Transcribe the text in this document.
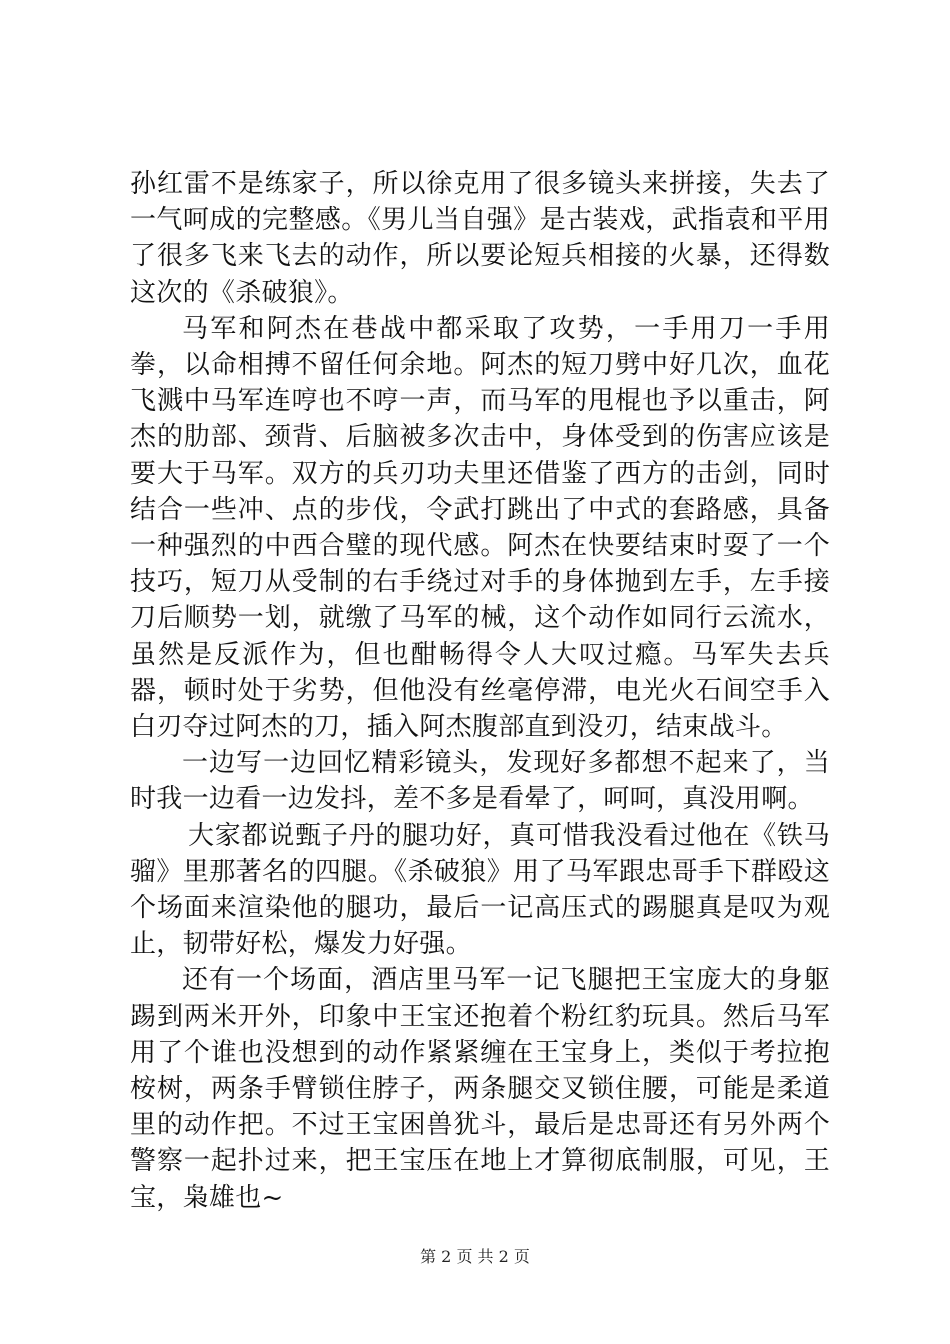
孙红雷不是练家子，所以徐克用了很多镜头来拼接，失去了一气呵成的完整感。《男儿当自强》是古装戏，武指袁和平用了很多飞来飞去的动作，所以要论短兵相接的火暴，还得数这次的《杀破狼》。

马军和阿杰在巷战中都采取了攻势，一手用刀一手用拳，以命相搏不留任何余地。阿杰的短刀劈中好几次，血花飞溅中马军连哼也不哼一声，而马军的甩棍也予以重击，阿杰的肋部、颈背、后脑被多次击中，身体受到的伤害应该是要大于马军。双方的兵刃功夫里还借鉴了西方的击剑，同时结合一些冲、点的步伐，令武打跳出了中式的套路感，具备一种强烈的中西合璧的现代感。阿杰在快要结束时耍了一个技巧，短刀从受制的右手绕过对手的身体抛到左手，左手接刀后顺势一划，就缴了马军的械，这个动作如同行云流水，虽然是反派作为，但也酣畅得令人大叹过瘾。马军失去兵器，顿时处于劣势，但他没有丝毫停滞，电光火石间空手入白刃夺过阿杰的刀，插入阿杰腹部直到没刃，结束战斗。

一边写一边回忆精彩镜头，发现好多都想不起来了，当时我一边看一边发抖，差不多是看晕了，呵呵，真没用啊。

大家都说甄子丹的腿功好，真可惜我没看过他在《铁马骝》里那著名的四腿。《杀破狼》用了马军跟忠哥手下群殴这个场面来渲染他的腿功，最后一记高压式的踢腿真是叹为观止，韧带好松，爆发力好强。

还有一个场面，酒店里马军一记飞腿把王宝庞大的身躯踢到两米开外，印象中王宝还抱着个粉红豹玩具。然后马军用了个谁也没想到的动作紧紧缠在王宝身上，类似于考拉抱桉树，两条手臂锁住脖子，两条腿交叉锁住腰，可能是柔道里的动作把。不过王宝困兽犹斗，最后是忠哥还有另外两个警察一起扑过来，把王宝压在地上才算彻底制服，可见，王宝，枭雄也~

第 2 页 共 2 页
